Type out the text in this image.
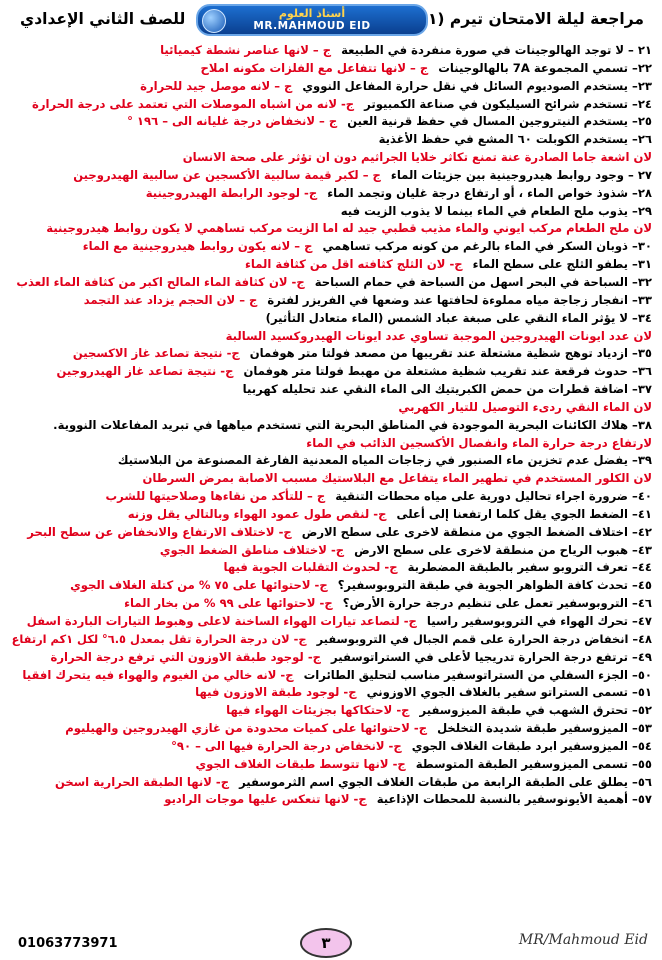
مراجعة ليلة الامتحان تيرم (١
أستاذ العلوم
MR.MAHMOUD EID
للصف الثاني الإعدادي
٢١ – لا توجد الهالوجينات في صورة منفردة في الطبيعةج – لانها عناصر نشطة كيميائيا
٢٢– تسمي المجموعة 7A بالهالوجيناتج – لانها تتفاعل مع الفلزات مكونه املاح
٢٣– يستخدم الصوديوم السائل في نقل حرارة المفاعل النوويج – لانه موصل جيد للحرارة
٢٤– تستخدم شرائح السيليكون في صناعة الكمبيوترج- لانه من اشباه الموصلات التي تعتمد على درجة الحرارة
٢٥– يستخدم النيتروجين المسال في حفظ قرنية العينج – لانخفاض درجة غليانه الى – ١٩٦ °
٢٦– يستخدم الكوبلت ٦٠ المشع في حفظ الأغذية
لان اشعة جاما الصادرة عنة تمنع تكاثر خلايا الجراثيم دون ان تؤثر على صحة الانسان
٢٧ – وجود روابط هيدروجينية بين جزيئات الماءج – لكبر قيمة سالبية الأكسجين عن سالبية الهيدروجين
٢٨– شذوذ خواص الماء ، أو ارتفاع درجة غليان وتجمد الماءج- لوجود الرابطة الهيدروجينية
٢٩– يذوب ملح الطعام في الماء بينما لا يذوب الزيت فيه
لان ملح الطعام مركب ايوني والماء مذيب قطبي جيد له اما الزيت مركب تساهمي لا يكون روابط هيدروجينية
٣٠– ذوبان السكر في الماء بالرغم من كونه مركب تساهميج – لانه يكون روابط هيدروجينية مع الماء
٣١– يطفو الثلج على سطح الماءج- لان الثلج كثافته اقل من كثافة الماء
٣٢– السباحة في البحر اسهل من السباحة في حمام السباحةج- لان كثافة الماء المالح اكبر من كثافة الماء العذب
٣٣– انفجار زجاجة مياه مملوءة لحافتها عند وضعها في الفريزر لفترةج – لان الحجم يزداد عند التجمد
٣٤– لا يؤثر الماء النقي على صبغة عباد الشمس (الماء متعادل التأثير)
لان عدد ايونات الهيدروجين الموجبة تساوي عدد ايونات الهيدروكسيد السالبة
٣٥– ازدياد توهج شظية مشتعلة عند تقريبها من مصعد فولتا متر هوفمانج- نتيجة تصاعد غاز الاكسجين
٣٦– حدوث فرقعة عند تقريب شظية مشتعلة من مهبط فولتا متر هوفمانج- نتيجة تصاعد غاز الهيدروجين
٣٧– اضافة قطرات من حمض الكبريتيك الى الماء النقي عند تحليله كهربيا
لان الماء النقي ردىء التوصيل للتيار الكهربي
٣٨– هلاك الكائنات البحرية الموجودة في المناطق البحرية التي تستخدم مياهها في تبريد المفاعلات النووية.
لارتفاع درجة حرارة الماء وانفصال الأكسجين الذائب في الماء
٣٩– يفضل عدم تخزين ماء الصنبور في زجاجات المياه المعدنية الفارغة المصنوعة من البلاستيك
لان الكلور المستخدم في تطهير الماء يتفاعل مع البلاستيك مسبب الاصابة بمرض السرطان
٤٠– ضرورة اجراء تحاليل دورية على مياه محطات التنقيةج – للتأكد من نقاءها وصلاحيتها للشرب
٤١– الضغط الجوي يقل كلما ارتفعنا إلى أعلىج- لنقص طول عمود الهواء وبالتالي يقل وزنه
٤٢– اختلاف الضغط الجوي من منطقة لاخرى على سطح الارضج- لاختلاف الارتفاع والانخفاض عن سطح البحر
٤٣– هبوب الرياح من منطقة لاخرى على سطح الارضج- لاختلاف مناطق الضغط الجوي
٤٤– تعرف التروبو سفير بالطبقة المضطربةج- لحدوث التقلبات الجوية فيها
٤٥– تحدث كافة الظواهر الجوية في طبقة التروبوسفير؟ج- لاحتوائها على ٧٥ % من كتلة الغلاف الجوي
٤٦– التروبوسفير تعمل على تنظيم درجة حرارة الأرض؟ج- لاحتوائها على ٩٩ % من بخار الماء
٤٧– تحرك الهواء في التروبوسفير راسياج- لتصاعد تيارات الهواء الساخنة لاعلى وهبوط التيارات الباردة اسفل
٤٨– انخفاض درجة الحرارة على قمم الجبال في التروبوسفيرج- لان درجة الحرارة تقل بمعدل ٦.٥° لكل ١كم ارتفاع
٤٩– ترتفع درجة الحرارة تدريجيا لأعلى في الستراتوسفيرج- لوجود طبقة الاوزون التي ترفع درجة الحرارة
٥٠– الجزء السفلي من الستراتوسفير مناسب لتحليق الطائراتج- لانه خالي من الغيوم والهواء فيه يتحرك افقيا
٥١– تسمى الستراتو سفير بالغلاف الجوي الاوزونيج- لوجود طبقة الاوزون فيها
٥٢– تحترق الشهب في طبقة الميزوسفيرج- لاحتكاكها بجزيئات الهواء فيها
٥٣– الميزوسفير طبقة شديدة التخلخلج- لاحتوائها على كميات محدودة من غازي الهيدروجين والهيليوم
٥٤– الميزوسفير ابرد طبقات الغلاف الجويج- لانخفاض درجة الحرارة فيها الى – ٩٠°
٥٥– تسمى الميزوسفير الطبقة المتوسطةج- لانها تتوسط طبقات الغلاف الجوي
٥٦– يطلق على الطبقة الرابعة من طبقات الغلاف الجوي اسم الثرموسفيرج- لانها الطبقة الحرارية اسخن
٥٧– أهمية الأيونوسفير بالنسبة للمحطات الإذاعيةج- لانها تنعكس عليها موجات الراديو
MR/Mahmoud Eid
٣
01063773971
